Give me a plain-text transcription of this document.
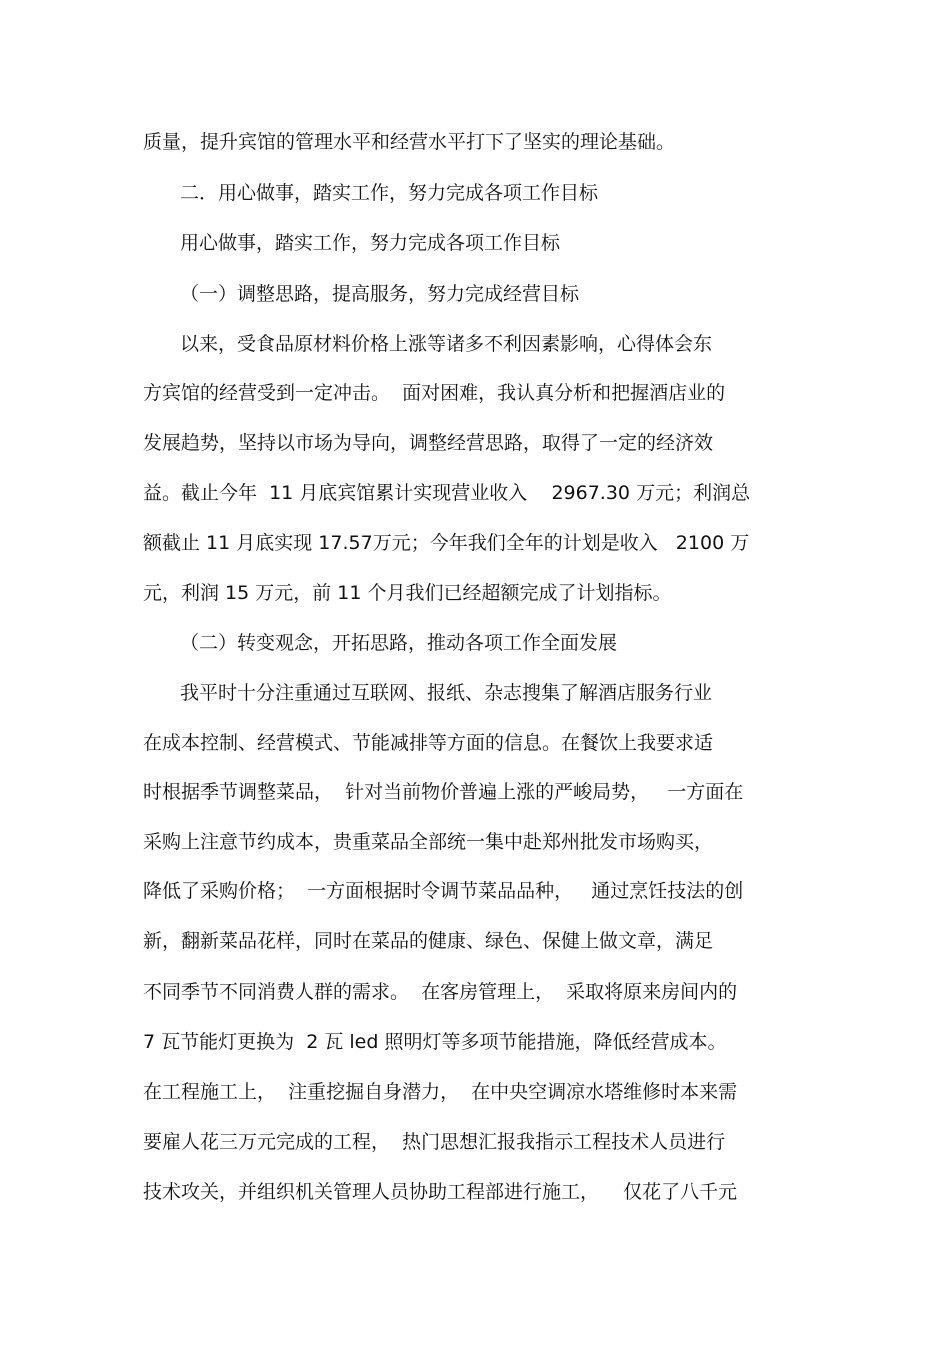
质量，提升宾馆的管理水平和经营水平打下了坚实的理论基础。

二．用心做事，踏实工作，努力完成各项工作目标

用心做事，踏实工作，努力完成各项工作目标

（一）调整思路，提高服务，努力完成经营目标

以来，受食品原材料价格上涨等诸多不利因素影响，心得体会东

方宾馆的经营受到一定冲击。  面对困难，我认真分析和把握酒店业的

发展趋势，坚持以市场为导向，调整经营思路，取得了一定的经济效

益。截止今年  11 月底宾馆累计实现营业收入    2967.30 万元；利润总

额截止 11 月底实现 17.57万元；今年我们全年的计划是收入   2100 万

元，利润 15 万元，前 11 个月我们已经超额完成了计划指标。

（二）转变观念，开拓思路，推动各项工作全面发展

我平时十分注重通过互联网、报纸、杂志搜集了解酒店服务行业

在成本控制、经营模式、节能减排等方面的信息。在餐饮上我要求适

时根据季节调整菜品，  针对当前物价普遍上涨的严峻局势，   一方面在

采购上注意节约成本，贵重菜品全部统一集中赴郑州批发市场购买，

降低了采购价格；  一方面根据时令调节菜品品种，   通过烹饪技法的创

新，翻新菜品花样，同时在菜品的健康、绿色、保健上做文章，满足

不同季节不同消费人群的需求。  在客房管理上，  采取将原来房间内的

7 瓦节能灯更换为  2 瓦 led 照明灯等多项节能措施，降低经营成本。

在工程施工上，  注重挖掘自身潜力，  在中央空调凉水塔维修时本来需

要雇人花三万元完成的工程，  热门思想汇报我指示工程技术人员进行

技术攻关，并组织机关管理人员协助工程部进行施工，    仅花了八千元
